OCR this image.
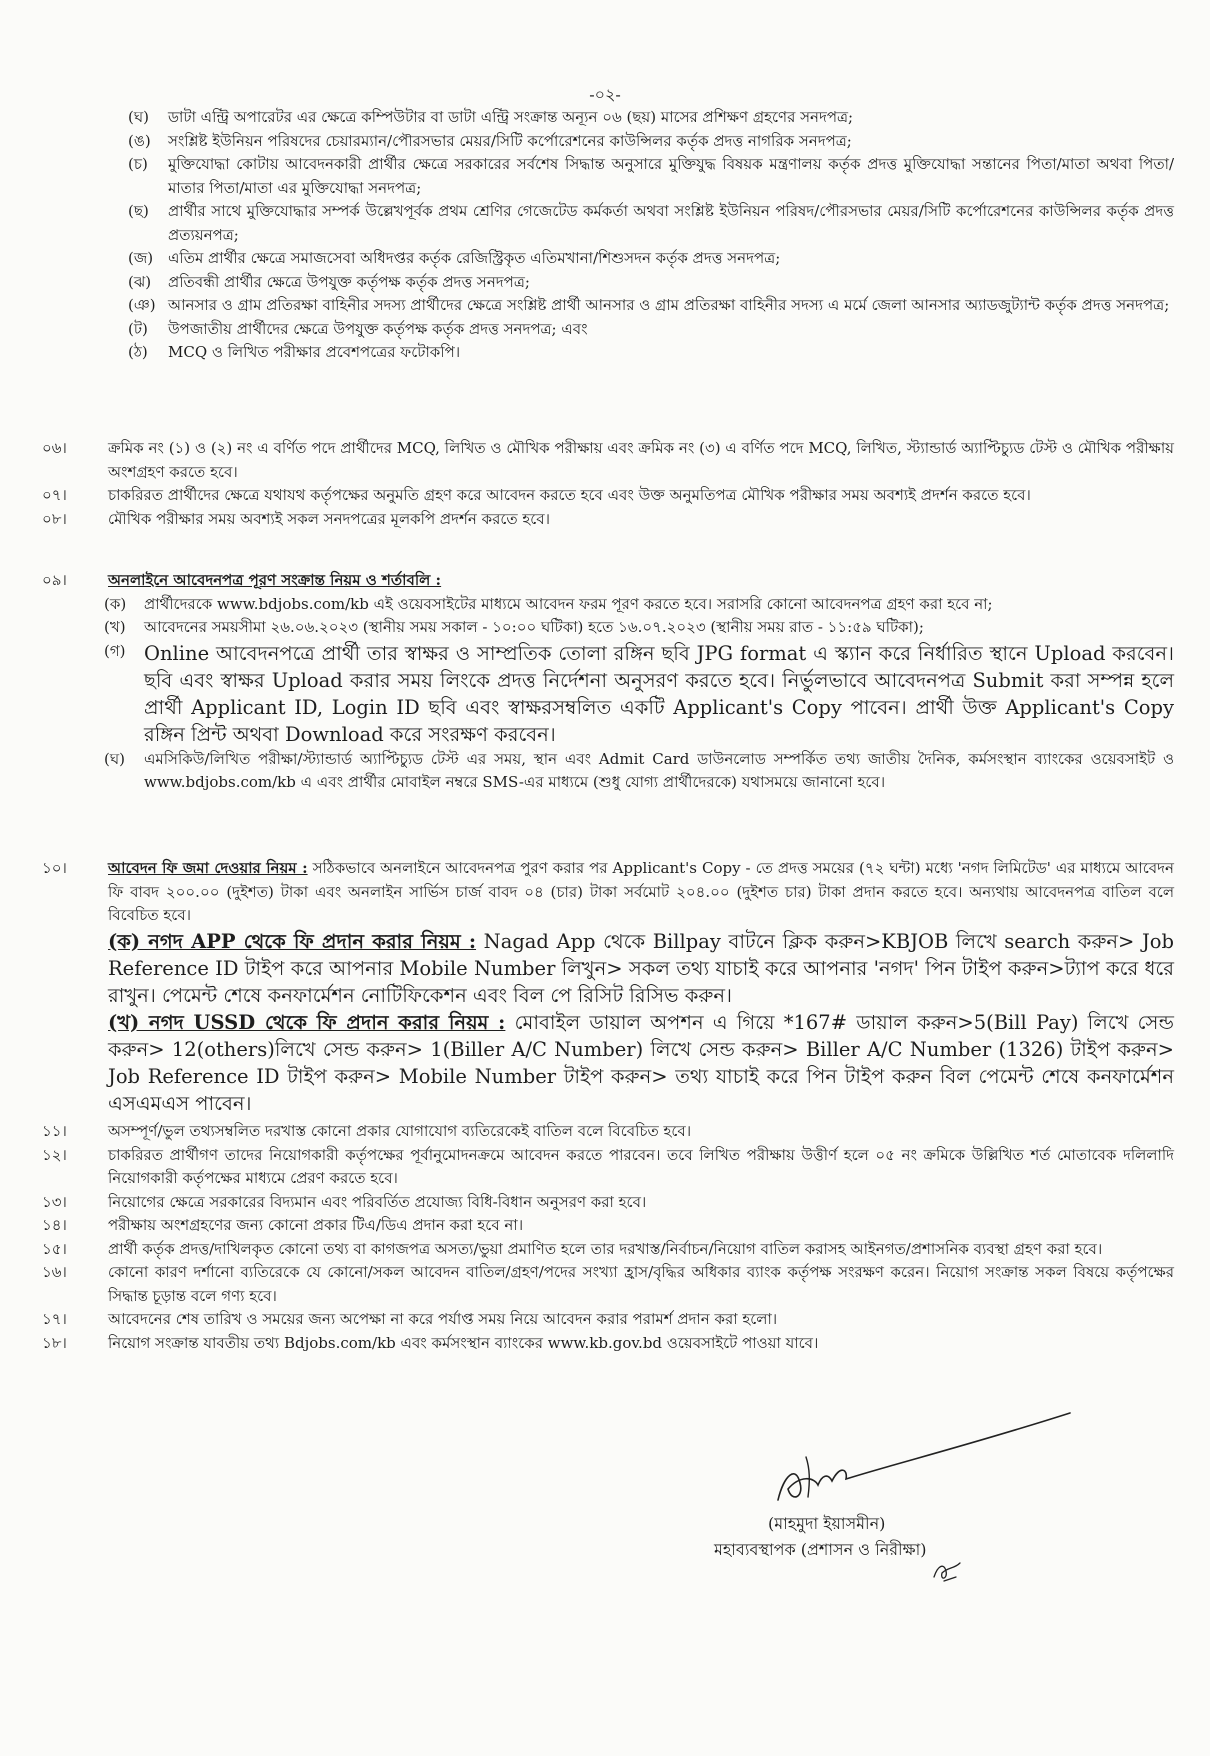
-০২-
(ঘ)	ডাটা এন্ট্রি অপারেটর এর ক্ষেত্রে কম্পিউটার বা ডাটা এন্ট্রি সংক্রান্ত অন্যূন ০৬ (ছয়) মাসের প্রশিক্ষণ গ্রহণের সনদপত্র;
(ঙ)	সংশ্লিষ্ট ইউনিয়ন পরিষদের চেয়ারম্যান/পৌরসভার মেয়র/সিটি কর্পোরেশনের কাউন্সিলর কর্তৃক প্রদত্ত নাগরিক সনদপত্র;
(চ)	মুক্তিযোদ্ধা কোটায় আবেদনকারী প্রার্থীর ক্ষেত্রে সরকারের সর্বশেষ সিদ্ধান্ত অনুসারে মুক্তিযুদ্ধ বিষয়ক মন্ত্রণালয় কর্তৃক প্রদত্ত মুক্তিযোদ্ধা সন্তানের পিতা/মাতা অথবা পিতা/মাতার পিতা/মাতা এর মুক্তিযোদ্ধা সনদপত্র;
(ছ)	প্রার্থীর সাথে মুক্তিযোদ্ধার সম্পর্ক উল্লেখপূর্বক প্রথম শ্রেণির গেজেটেড কর্মকর্তা অথবা সংশ্লিষ্ট ইউনিয়ন পরিষদ/পৌরসভার মেয়র/সিটি কর্পোরেশনের কাউন্সিলর কর্তৃক প্রদত্ত প্রত্যয়নপত্র;
(জ) এতিম প্রার্থীর ক্ষেত্রে সমাজসেবা অধিদপ্তর কর্তৃক রেজিস্ট্রিকৃত এতিমখানা/শিশুসদন কর্তৃক প্রদত্ত সনদপত্র;
(ঝ)	প্রতিবন্ধী প্রার্থীর ক্ষেত্রে উপযুক্ত কর্তৃপক্ষ কর্তৃক প্রদত্ত সনদপত্র;
(ঞ) আনসার ও গ্রাম প্রতিরক্ষা বাহিনীর সদস্য প্রার্থীদের ক্ষেত্রে সংশ্লিষ্ট প্রার্থী আনসার ও গ্রাম প্রতিরক্ষা বাহিনীর সদস্য এ মর্মে জেলা আনসার অ্যাডজুট্যান্ট কর্তৃক প্রদত্ত সনদপত্র;
(ট)	উপজাতীয় প্রার্থীদের ক্ষেত্রে উপযুক্ত কর্তৃপক্ষ কর্তৃক প্রদত্ত সনদপত্র; এবং
(ঠ)	MCQ ও লিখিত পরীক্ষার প্রবেশপত্রের ফটোকপি।
০৬।	ক্রমিক নং (১) ও (২) নং এ বর্ণিত পদে প্রার্থীদের MCQ, লিখিত ও মৌখিক পরীক্ষায় এবং ক্রমিক নং (৩) এ বর্ণিত পদে MCQ, লিখিত, স্ট্যান্ডার্ড অ্যাপ্টিচ্যুড টেস্ট ও মৌখিক পরীক্ষায় অংশগ্রহণ করতে হবে।
০৭।	চাকরিরত প্রার্থীদের ক্ষেত্রে যথাযথ কর্তৃপক্ষের অনুমতি গ্রহণ করে আবেদন করতে হবে এবং উক্ত অনুমতিপত্র মৌখিক পরীক্ষার সময় অবশ্যই প্রদর্শন করতে হবে।
০৮।	মৌখিক পরীক্ষার সময় অবশ্যই সকল সনদপত্রের মূলকপি প্রদর্শন করতে হবে।
০৯।	অনলাইনে আবেদনপত্র পূরণ সংক্রান্ত নিয়ম ও শর্তাবলি :
(ক)	প্রার্থীদেরকে www.bdjobs.com/kb এই ওয়েবসাইটের মাধ্যমে আবেদন ফরম পূরণ করতে হবে। সরাসরি কোনো আবেদনপত্র গ্রহণ করা হবে না;
(খ)	আবেদনের সময়সীমা ২৬.০৬.২০২৩ (স্থানীয় সময় সকাল - ১০:০০ ঘটিকা) হতে ১৬.০৭.২০২৩ (স্থানীয় সময় রাত - ১১:৫৯ ঘটিকা);
(গ) Online আবেদনপত্রে প্রার্থী তার স্বাক্ষর ও সাম্প্রতিক তোলা রঙ্গিন ছবি JPG format এ স্ক্যান করে নির্ধারিত স্থানে Upload করবেন। ছবি এবং স্বাক্ষর Upload করার সময় লিংকে প্রদত্ত নির্দেশনা অনুসরণ করতে হবে। নির্ভুলভাবে আবেদনপত্র Submit করা সম্পন্ন হলে প্রার্থী Applicant ID, Login ID ছবি এবং স্বাক্ষরসম্বলিত একটি Applicant's Copy পাবেন। প্রার্থী উক্ত Applicant's Copy রঙ্গিন প্রিন্ট অথবা Download করে সংরক্ষণ করবেন।
(ঘ)	এমসিকিউ/লিখিত পরীক্ষা/স্ট্যান্ডার্ড অ্যাপ্টিচ্যুড টেস্ট এর সময়, স্থান এবং Admit Card ডাউনলোড সম্পর্কিত তথ্য জাতীয় দৈনিক, কর্মসংস্থান ব্যাংকের ওয়েবসাইট ও www.bdjobs.com/kb এ এবং প্রার্থীর মোবাইল নম্বরে SMS-এর মাধ্যমে (শুধু যোগ্য প্রার্থীদেরকে) যথাসময়ে জানানো হবে।
১০।	আবেদন ফি জমা দেওয়ার নিয়ম : সঠিকভাবে অনলাইনে আবেদনপত্র পুরণ করার পর Applicant's Copy - তে প্রদত্ত সময়ের (৭২ ঘন্টা) মধ্যে 'নগদ লিমিটেড' এর মাধ্যমে আবেদন ফি বাবদ ২০০.০০ (দুইশত) টাকা এবং অনলাইন সার্ভিস চার্জ বাবদ ০৪ (চার) টাকা সর্বমোট ২০৪.০০ (দুইশত চার) টাকা প্রদান করতে হবে। অন্যথায় আবেদনপত্র বাতিল বলে বিবেচিত হবে।
(ক) নগদ APP থেকে ফি প্রদান করার নিয়ম : Nagad App থেকে Billpay বাটনে ক্লিক করুন>KBJOB লিখে search করুন> Job Reference ID টাইপ করে আপনার Mobile Number লিখুন> সকল তথ্য যাচাই করে আপনার 'নগদ' পিন টাইপ করুন>ট্যাপ করে ধরে রাখুন। পেমেন্ট শেষে কনফার্মেশন নোটিফিকেশন এবং বিল পে রিসিট রিসিভ করুন।
(খ) নগদ USSD থেকে ফি প্রদান করার নিয়ম : মোবাইল ডায়াল অপশন এ গিয়ে *167# ডায়াল করুন>5(Bill Pay) লিখে সেন্ড করুন> 12(others)লিখে সেন্ড করুন> 1(Biller A/C Number) লিখে সেন্ড করুন> Biller A/C Number (1326) টাইপ করুন> Job Reference ID টাইপ করুন> Mobile Number টাইপ করুন> তথ্য যাচাই করে পিন টাইপ করুন বিল পেমেন্ট শেষে কনফার্মেশন এসএমএস পাবেন।
১১।	অসম্পূর্ণ/ভুল তথ্যসম্বলিত দরখাস্ত কোনো প্রকার যোগাযোগ ব্যতিরেকেই বাতিল বলে বিবেচিত হবে।
১২।	চাকরিরত প্রার্থীগণ তাদের নিয়োগকারী কর্তৃপক্ষের পূর্বানুমোদনক্রমে আবেদন করতে পারবেন। তবে লিখিত পরীক্ষায় উত্তীর্ণ হলে ০৫ নং ক্রমিকে উল্লিখিত শর্ত মোতাবেক দলিলাদি নিয়োগকারী কর্তৃপক্ষের মাধ্যমে প্রেরণ করতে হবে।
১৩।	নিয়োগের ক্ষেত্রে সরকারের বিদ্যমান এবং পরিবর্তিত প্রযোজ্য বিধি-বিধান অনুসরণ করা হবে।
১৪।	পরীক্ষায় অংশগ্রহণের জন্য কোনো প্রকার টিএ/ডিএ প্রদান করা হবে না।
১৫।	প্রার্থী কর্তৃক প্রদত্ত/দাখিলকৃত কোনো তথ্য বা কাগজপত্র অসত্য/ভুয়া প্রমাণিত হলে তার দরখাস্ত/নির্বাচন/নিয়োগ বাতিল করাসহ আইনগত/প্রশাসনিক ব্যবস্থা গ্রহণ করা হবে।
১৬।	কোনো কারণ দর্শানো ব্যতিরেকে যে কোনো/সকল আবেদন বাতিল/গ্রহণ/পদের সংখ্যা হ্রাস/বৃদ্ধির অধিকার ব্যাংক কর্তৃপক্ষ সংরক্ষণ করেন। নিয়োগ সংক্রান্ত সকল বিষয়ে কর্তৃপক্ষের সিদ্ধান্ত চূড়ান্ত বলে গণ্য হবে।
১৭।	আবেদনের শেষ তারিখ ও সময়ের জন্য অপেক্ষা না করে পর্যাপ্ত সময় নিয়ে আবেদন করার পরামর্শ প্রদান করা হলো।
১৮।	নিয়োগ সংক্রান্ত যাবতীয় তথ্য Bdjobs.com/kb এবং কর্মসংস্থান ব্যাংকের www.kb.gov.bd ওয়েবসাইটে পাওয়া যাবে।
(মাহমুদা ইয়াসমীন)
মহাব্যবস্থাপক (প্রশাসন ও নিরীক্ষা)
